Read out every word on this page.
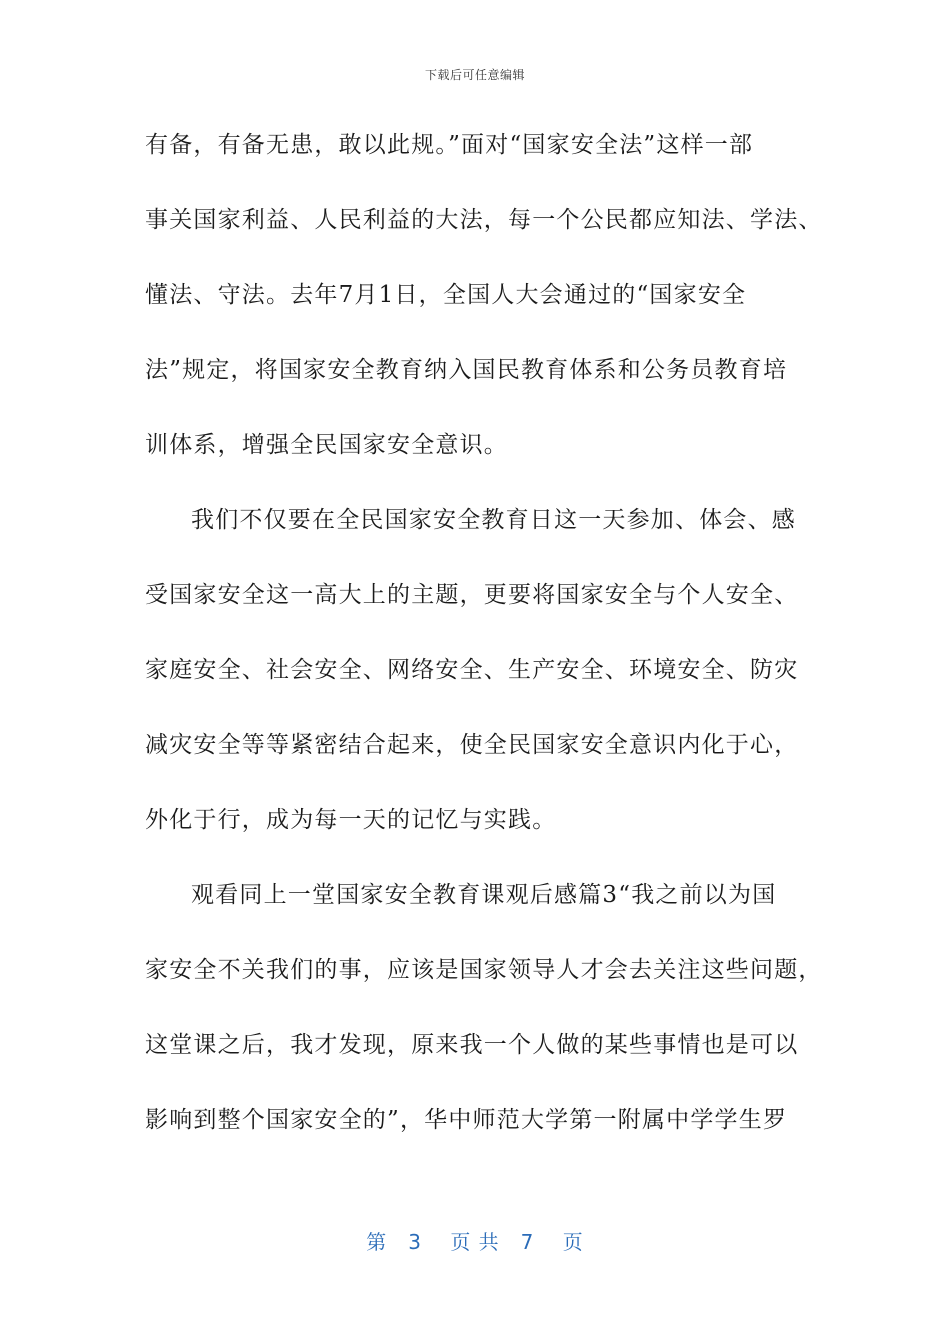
下载后可任意编辑
有备，有备无患，敢以此规。”面对“国家安全法”这样一部
事关国家利益、人民利益的大法，每一个公民都应知法、学法、
懂法、守法。去年7月1日，全国人大会通过的“国家安全
法”规定，将国家安全教育纳入国民教育体系和公务员教育培
训体系，增强全民国家安全意识。
我们不仅要在全民国家安全教育日这一天参加、体会、感
受国家安全这一高大上的主题，更要将国家安全与个人安全、
家庭安全、社会安全、网络安全、生产安全、环境安全、防灾
减灾安全等等紧密结合起来，使全民国家安全意识内化于心，
外化于行，成为每一天的记忆与实践。
观看同上一堂国家安全教育课观后感篇3“我之前以为国
家安全不关我们的事，应该是国家领导人才会去关注这些问题，
这堂课之后，我才发现，原来我一个人做的某些事情也是可以
影响到整个国家安全的”，华中师范大学第一附属中学学生罗
第　3　 页 共　7　 页
